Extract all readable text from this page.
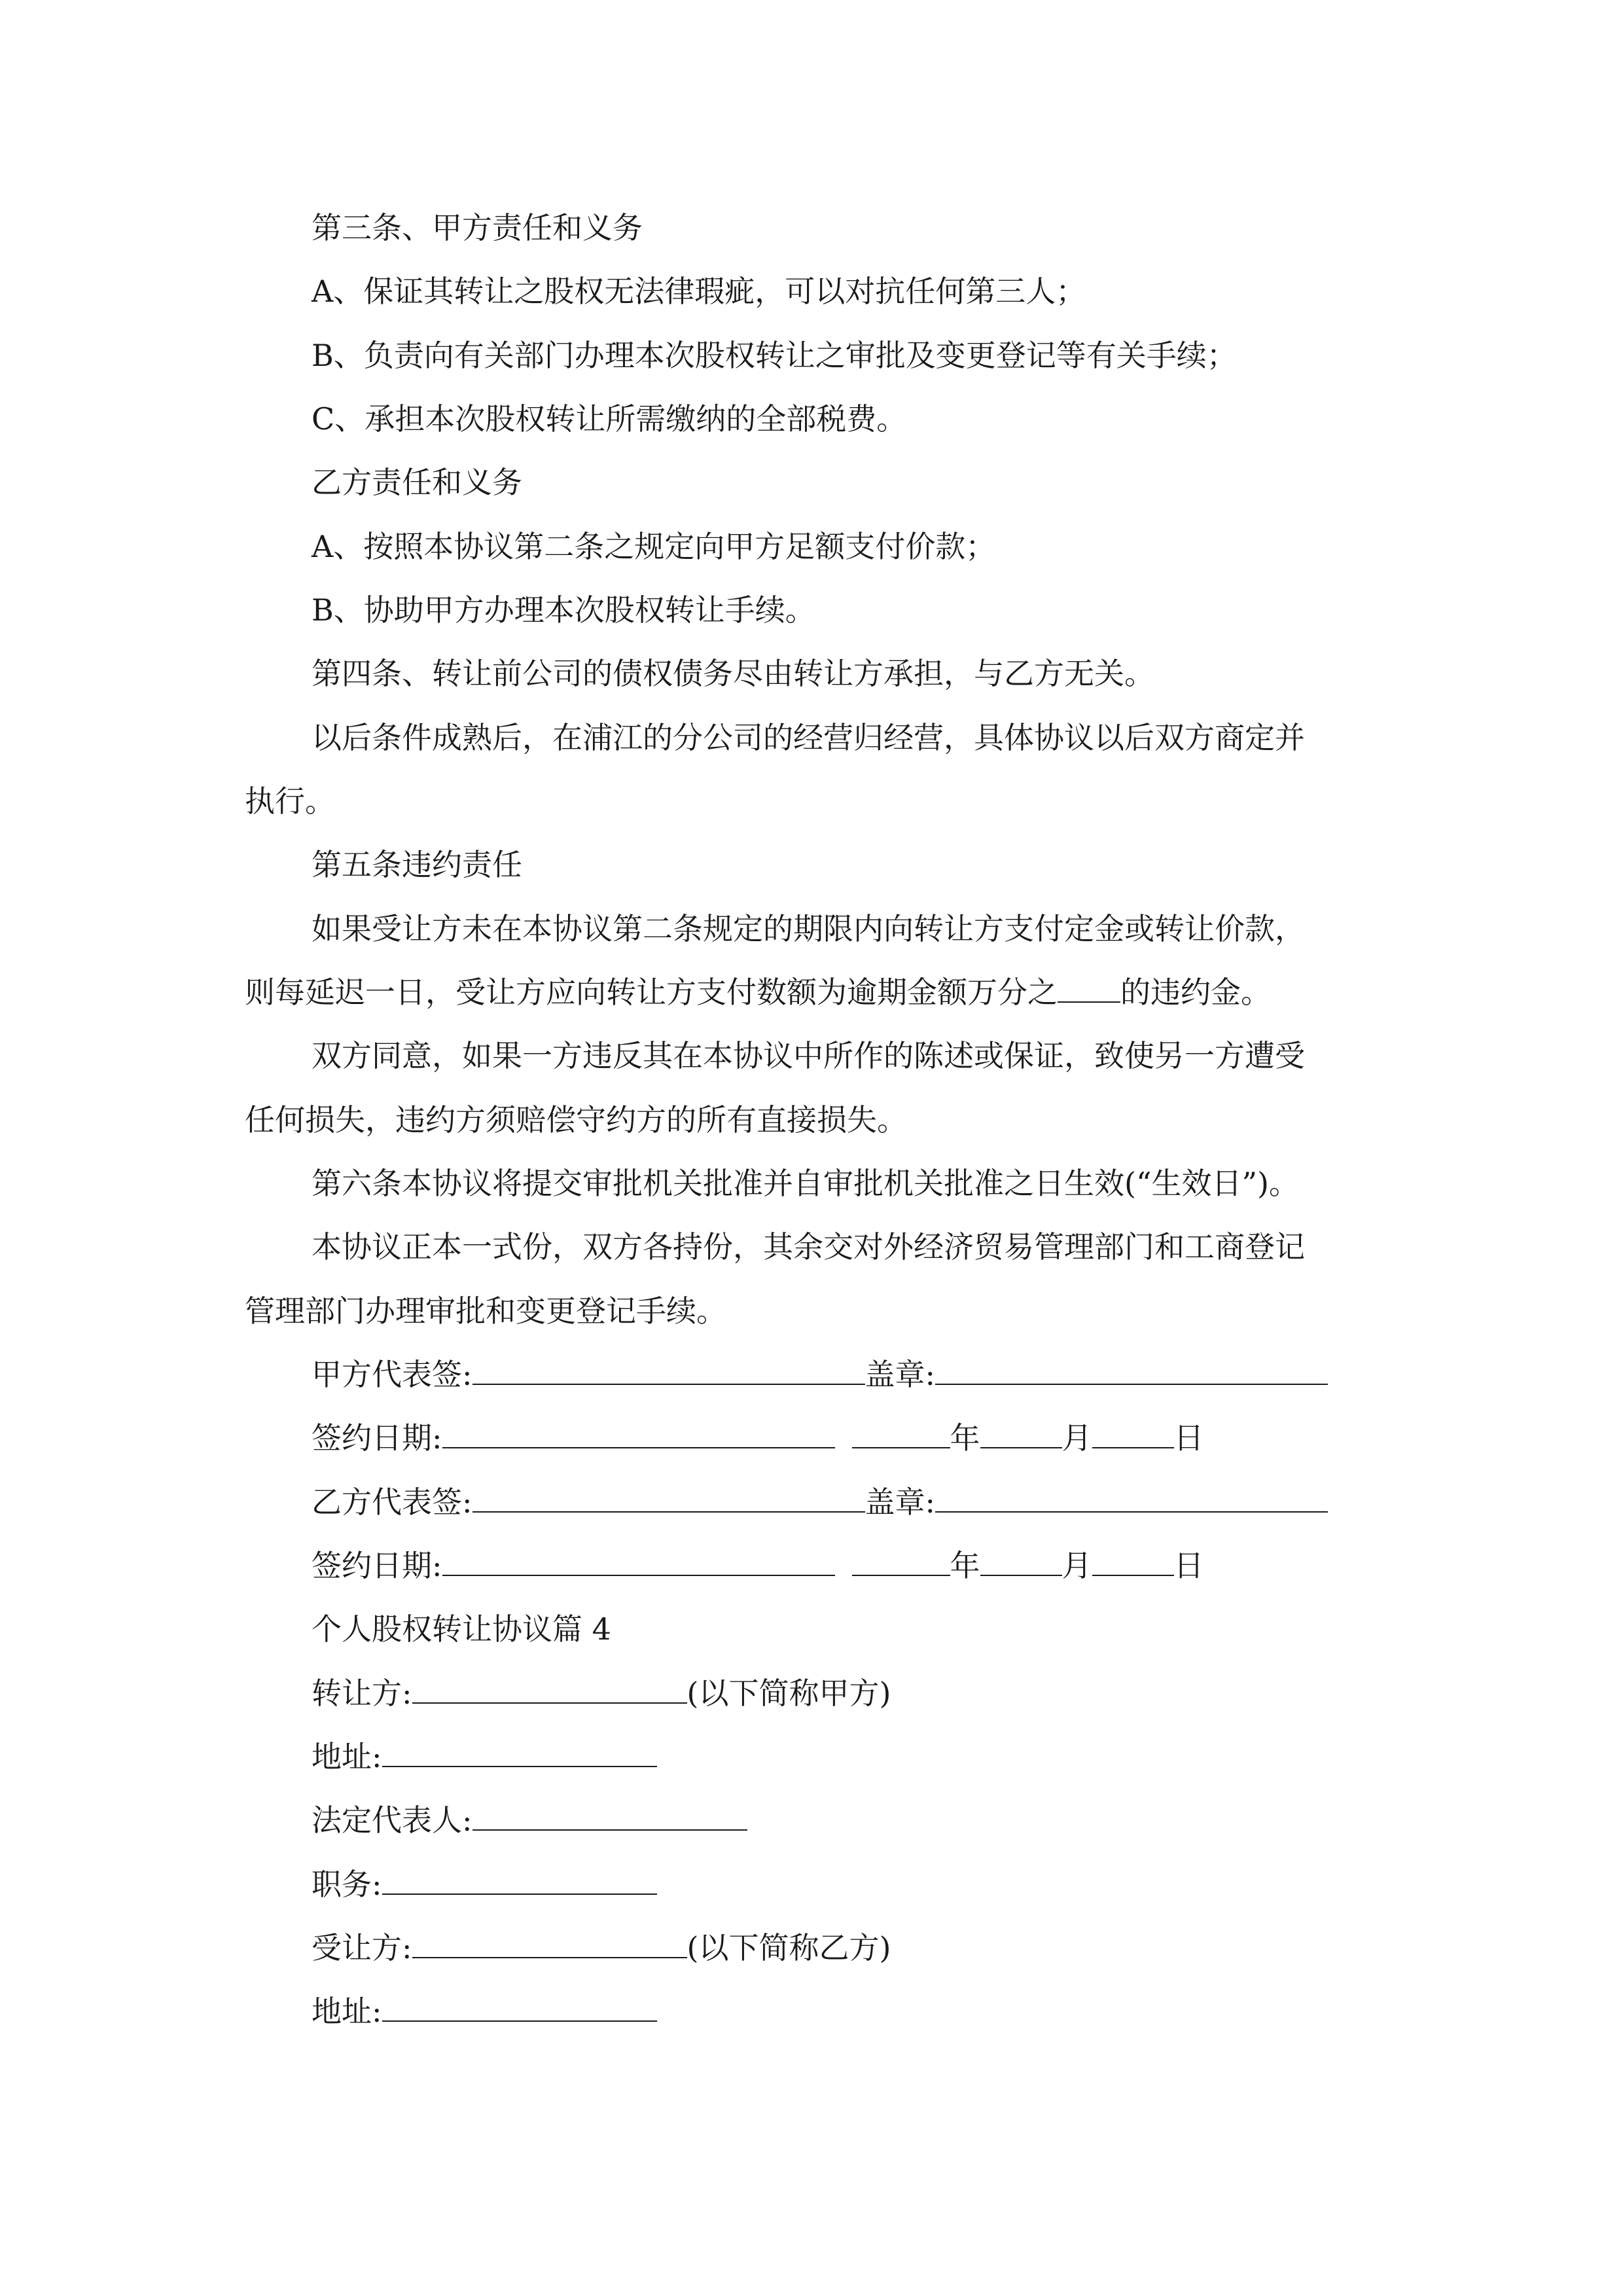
第三条、甲方责任和义务
A、保证其转让之股权无法律瑕疵，可以对抗任何第三人；
B、负责向有关部门办理本次股权转让之审批及变更登记等有关手续；
C、承担本次股权转让所需缴纳的全部税费。
乙方责任和义务
A、按照本协议第二条之规定向甲方足额支付价款；
B、协助甲方办理本次股权转让手续。
第四条、转让前公司的债权债务尽由转让方承担，与乙方无关。
以后条件成熟后，在浦江的分公司的经营归经营，具体协议以后双方商定并
执行。
第五条违约责任
如果受让方未在本协议第二条规定的期限内向转让方支付定金或转让价款，
则每延迟一日，受让方应向转让方支付数额为逾期金额万分之 的违约金。
双方同意，如果一方违反其在本协议中所作的陈述或保证，致使另一方遭受
任何损失，违约方须赔偿守约方的所有直接损失。
第六条本协议将提交审批机关批准并自审批机关批准之日生效(“生效日”)。
本协议正本一式份，双方各持份，其余交对外经济贸易管理部门和工商登记
管理部门办理审批和变更登记手续。
甲方代表签:	盖章:
签约日期:	年	月	日
乙方代表签:	盖章:
签约日期:	年	月	日
个人股权转让协议篇 4
转让方:	(以下简称甲方)
地址:
法定代表人:
职务:
受让方:	(以下简称乙方)
地址:
